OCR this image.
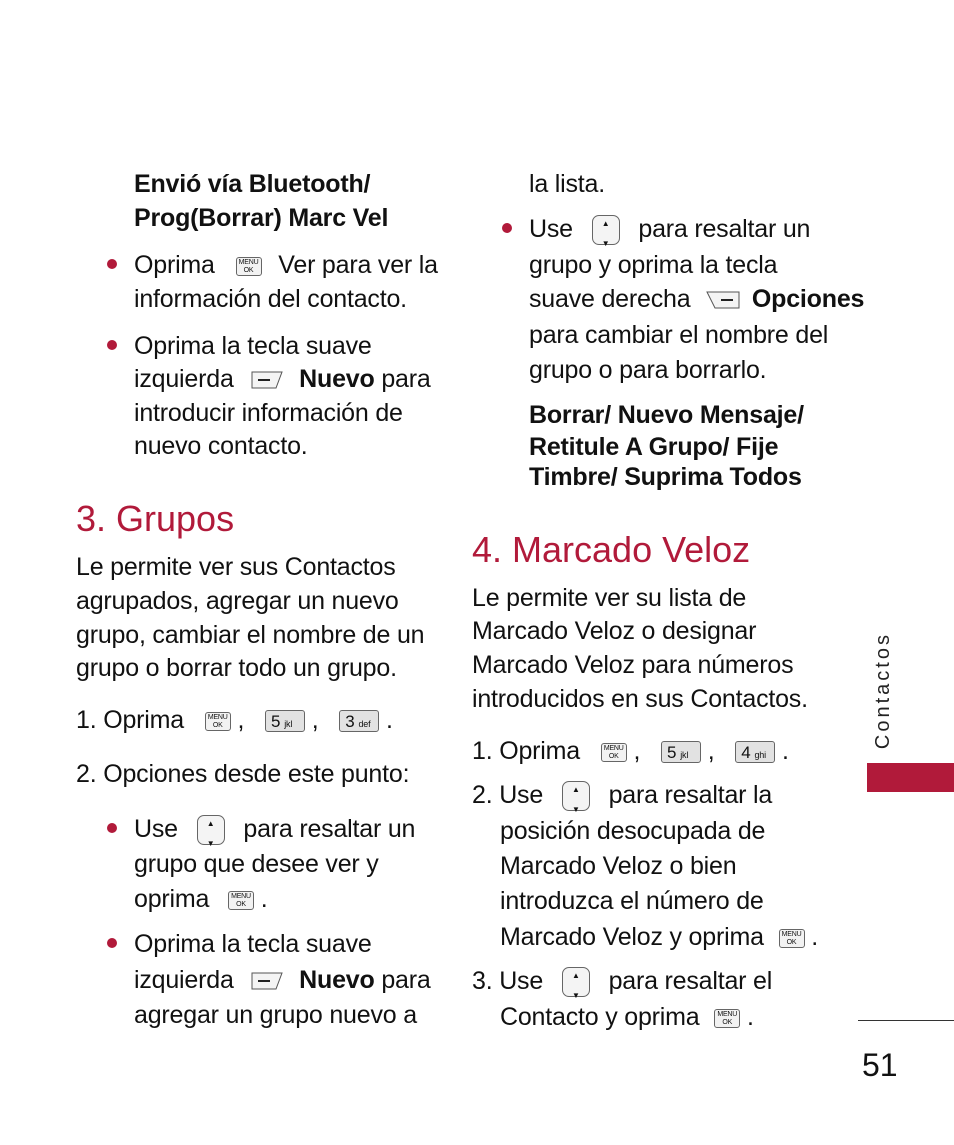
Envió vía Bluetooth/
Prog(Borrar) Marc Vel
Oprima	MENU
OK Ver para ver la
información del contacto.
Oprima la tecla suave
izquierda	Nuevo para
introducir información de
nuevo contacto.
3. Grupos
Le permite ver sus Contactos
agrupados, agregar un nuevo
grupo, cambiar el nombre de un
grupo o borrar todo un grupo.
1. Oprima	MENU
OK , 5 jkl , 3 def .
2. Opciones desde este punto:
Use	▲

▼ para resaltar un
grupo que desee ver y
oprima	MENU
OK .
Oprima la tecla suave
izquierda	Nuevo para
agregar un grupo nuevo a
la lista.
Use	▲

▼ para resaltar un
grupo y oprima la tecla
suave derecha Opciones
para cambiar el nombre del
grupo o para borrarlo.
Borrar/ Nuevo Mensaje/
Retitule A Grupo/ Fije
Timbre/ Suprima Todos
4. Marcado Veloz
Le permite ver su lista de
Marcado Veloz o designar
Marcado Veloz para números
introducidos en sus Contactos.
1. Oprima	MENU
OK , 5 jkl , 4 ghi .
2. Use	▲

▼ para resaltar la
posición desocupada de
Marcado Veloz o bien
introduzca el número de
Marcado Veloz y oprima	MENU
OK .
3. Use	▲

▼ para resaltar el
Contacto y oprima	MENU
OK .
Contactos
51
